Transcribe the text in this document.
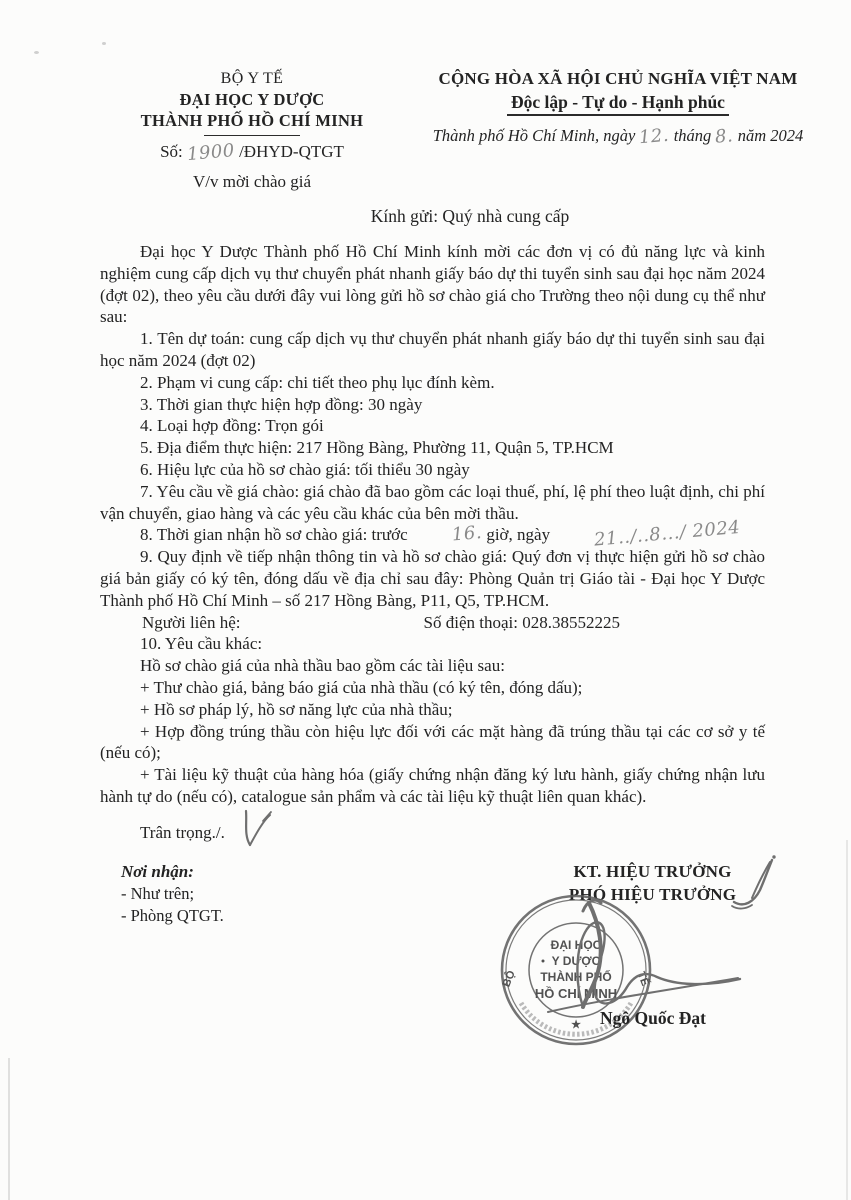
BỘ Y TẾ
ĐẠI HỌC Y DƯỢC
THÀNH PHỐ HỒ CHÍ MINH
Số: 1900 /ĐHYD-QTGT
V/v mời chào giá
CỘNG HÒA XÃ HỘI CHỦ NGHĨA VIỆT NAM
Độc lập - Tự do - Hạnh phúc
Thành phố Hồ Chí Minh, ngày 12. tháng 8. năm 2024
Kính gửi: Quý nhà cung cấp

Đại học Y Dược Thành phố Hồ Chí Minh kính mời các đơn vị có đủ năng lực và kinh nghiệm cung cấp dịch vụ thư chuyển phát nhanh giấy báo dự thi tuyển sinh sau đại học năm 2024 (đợt 02), theo yêu cầu dưới đây vui lòng gửi hồ sơ chào giá cho Trường theo nội dung cụ thể như sau:

1. Tên dự toán: cung cấp dịch vụ thư chuyển phát nhanh giấy báo dự thi tuyển sinh sau đại học năm 2024 (đợt 02)

2. Phạm vi cung cấp: chi tiết theo phụ lục đính kèm.

3. Thời gian thực hiện hợp đồng: 30 ngày

4. Loại hợp đồng: Trọn gói

5. Địa điểm thực hiện: 217 Hồng Bàng, Phường 11, Quận 5, TP.HCM

6. Hiệu lực của hồ sơ chào giá: tối thiểu 30 ngày

7. Yêu cầu về giá chào: giá chào đã bao gồm các loại thuế, phí, lệ phí theo luật định, chi phí vận chuyển, giao hàng và các yêu cầu khác của bên mời thầu.

8. Thời gian nhận hồ sơ chào giá: trước 16. giờ, ngày 21../..8.../ 2024

9. Quy định về tiếp nhận thông tin và hồ sơ chào giá: Quý đơn vị thực hiện gửi hồ sơ chào giá bản giấy có ký tên, đóng dấu về địa chỉ sau đây: Phòng Quản trị Giáo tài - Đại học Y Dược Thành phố Hồ Chí Minh – số 217 Hồng Bàng, P11, Q5, TP.HCM.

Người liên hệ:	Số điện thoại: 028.38552225

10. Yêu cầu khác:

Hồ sơ chào giá của nhà thầu bao gồm các tài liệu sau:

+ Thư chào giá, bảng báo giá của nhà thầu (có ký tên, đóng dấu);

+ Hồ sơ pháp lý, hồ sơ năng lực của nhà thầu;

+ Hợp đồng trúng thầu còn hiệu lực đối với các mặt hàng đã trúng thầu tại các cơ sở y tế (nếu có);

+ Tài liệu kỹ thuật của hàng hóa (giấy chứng nhận đăng ký lưu hành, giấy chứng nhận lưu hành tự do (nếu có), catalogue sản phẩm và các tài liệu kỹ thuật liên quan khác).

Trân trọng./.

Nơi nhận:
- Như trên;
- Phòng QTGT.
KT. HIỆU TRƯỞNG
PHÓ HIỆU TRƯỞNG
ĐẠI HỌC
Y DƯỢC
THÀNH PHỐ
HỒ CHÍ MINH
BỘ	TẾ
★	Ngô Quốc Đạt
